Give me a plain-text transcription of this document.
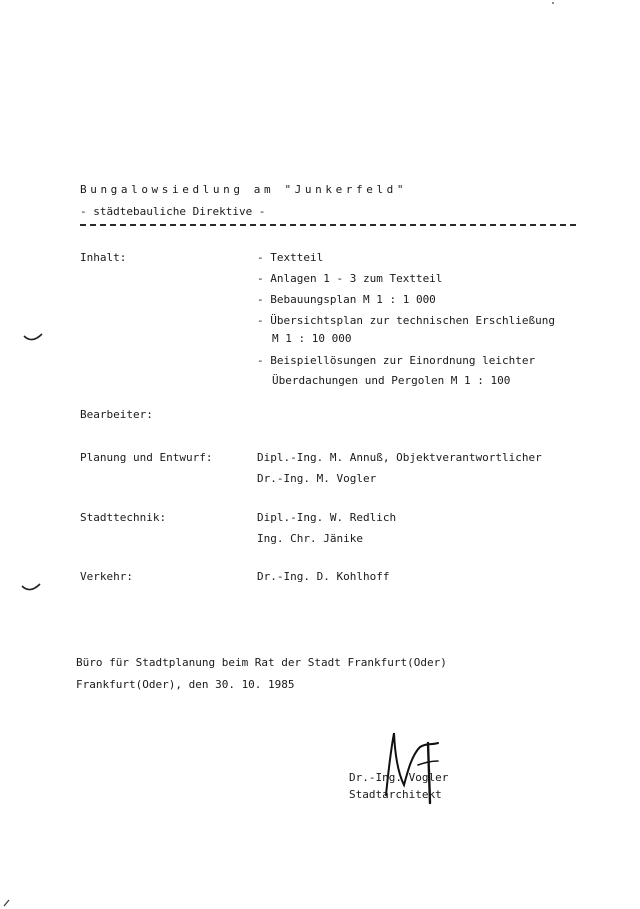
Bungalowsiedlung am "Junkerfeld"
- städtebauliche Direktive -
Inhalt:	- Textteil
- Anlagen 1 - 3 zum Textteil
- Bebauungsplan M 1 : 1 000
- Übersichtsplan zur technischen Erschließung
M 1 : 10 000
- Beispiellösungen zur Einordnung leichter
Überdachungen und Pergolen M 1 : 100
Bearbeiter:
Planung und Entwurf:	Dipl.-Ing. M. Annuß, Objektverantwortlicher
Dr.-Ing. M. Vogler
Stadttechnik:	Dipl.-Ing. W. Redlich
Ing. Chr. Jänike
Verkehr:	Dr.-Ing. D. Kohlhoff
Büro für Stadtplanung beim Rat der Stadt Frankfurt(Oder)
Frankfurt(Oder), den 30. 10. 1985
Dr.-Ing. Vogler
Stadtarchitekt
